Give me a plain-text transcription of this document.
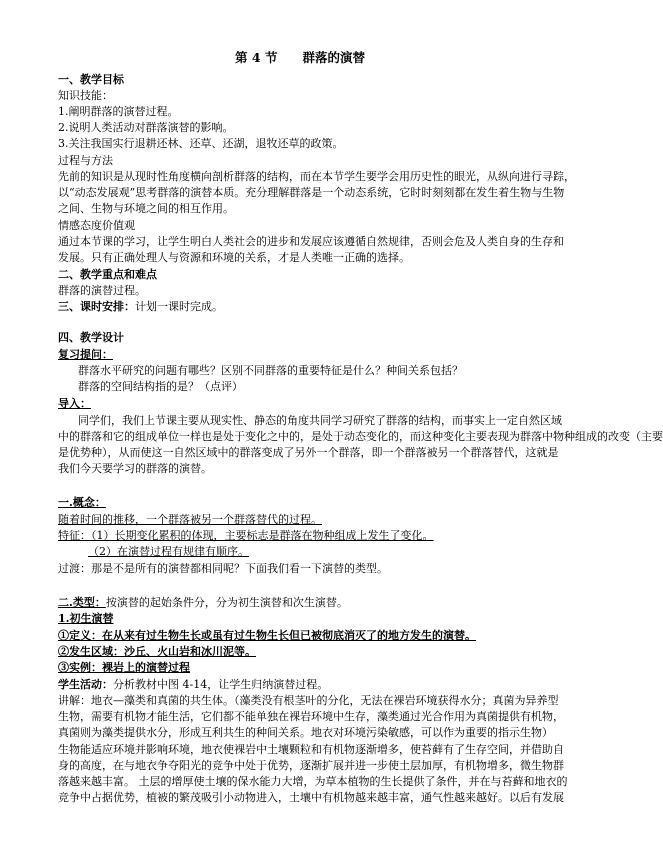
第 4 节　　群落的演替
一、教学目标
知识技能：
1.阐明群落的演替过程。
2.说明人类活动对群落演替的影响。
3.关注我国实行退耕还林、还草、还湖，退牧还草的政策。
过程与方法
先前的知识是从现时性角度横向剖析群落的结构，而在本节学生要学会用历史性的眼光，从纵向进行寻踪，
以“动态发展观”思考群落的演替本质。充分理解群落是一个动态系统，它时时刻刻都在发生着生物与生物
之间、生物与环境之间的相互作用。
情感态度价值观
通过本节课的学习，让学生明白人类社会的进步和发展应该遵循自然规律，否则会危及人类自身的生存和
发展。只有正确处理人与资源和环境的关系，才是人类唯一正确的选择。
二、教学重点和难点
群落的演替过程。
三、课时安排：计划一课时完成。
四、教学设计
复习提问：
群落水平研究的问题有哪些？区别不同群落的重要特征是什么？种间关系包括？
群落的空间结构指的是？（点评）
导入：
同学们，我们上节课主要从现实性、静态的角度共同学习研究了群落的结构，而事实上一定自然区域
中的群落和它的组成单位一样也是处于变化之中的，是处于动态变化的，而这种变化主要表现为群落中物种组成的改变（主要
是优势种），从而使这一自然区域中的群落变成了另外一个群落，即一个群落被另一个群落替代，这就是
我们今天要学习的群落的演替。
一.概念：
随着时间的推移，一个群落被另一个群落替代的过程。
特征：（1）长期变化累积的体现，主要标志是群落在物种组成上发生了变化。
（2）在演替过程有规律有顺序。
过渡：那是不是所有的演替都相同呢？下面我们看一下演替的类型。
二.类型：按演替的起始条件分，分为初生演替和次生演替。
1.初生演替
①定义：在从来有过生物生长或虽有过生物生长但已被彻底消灭了的地方发生的演替。
②发生区域：沙丘、火山岩和冰川泥等。
③实例：裸岩上的演替过程
学生活动：分析教材中图 4-14，让学生归纳演替过程。
讲解：地衣—藻类和真菌的共生体。（藻类没有根茎叶的分化，无法在裸岩环境获得水分；真菌为异养型
生物，需要有机物才能生活，它们都不能单独在裸岩环境中生存，藻类通过光合作用为真菌提供有机物，
真菌则为藻类提供水分，形成互利共生的种间关系。地衣对环境污染敏感，可以作为重要的指示生物）
生物能适应环境并影响环境，地衣使裸岩中土壤颗粒和有机物逐渐增多，使苔藓有了生存空间，并借助自
身的高度，在与地衣争夺阳光的竞争中处于优势，逐渐扩展并进一步使土层加厚，有机物增多，微生物群
落越来越丰富。 土层的增厚使土壤的保水能力大增，为草本植物的生长提供了条件，并在与苔藓和地衣的
竞争中占据优势，植被的繁茂吸引小动物进入，土壤中有机物越来越丰富，通气性越来越好。以后有发展
